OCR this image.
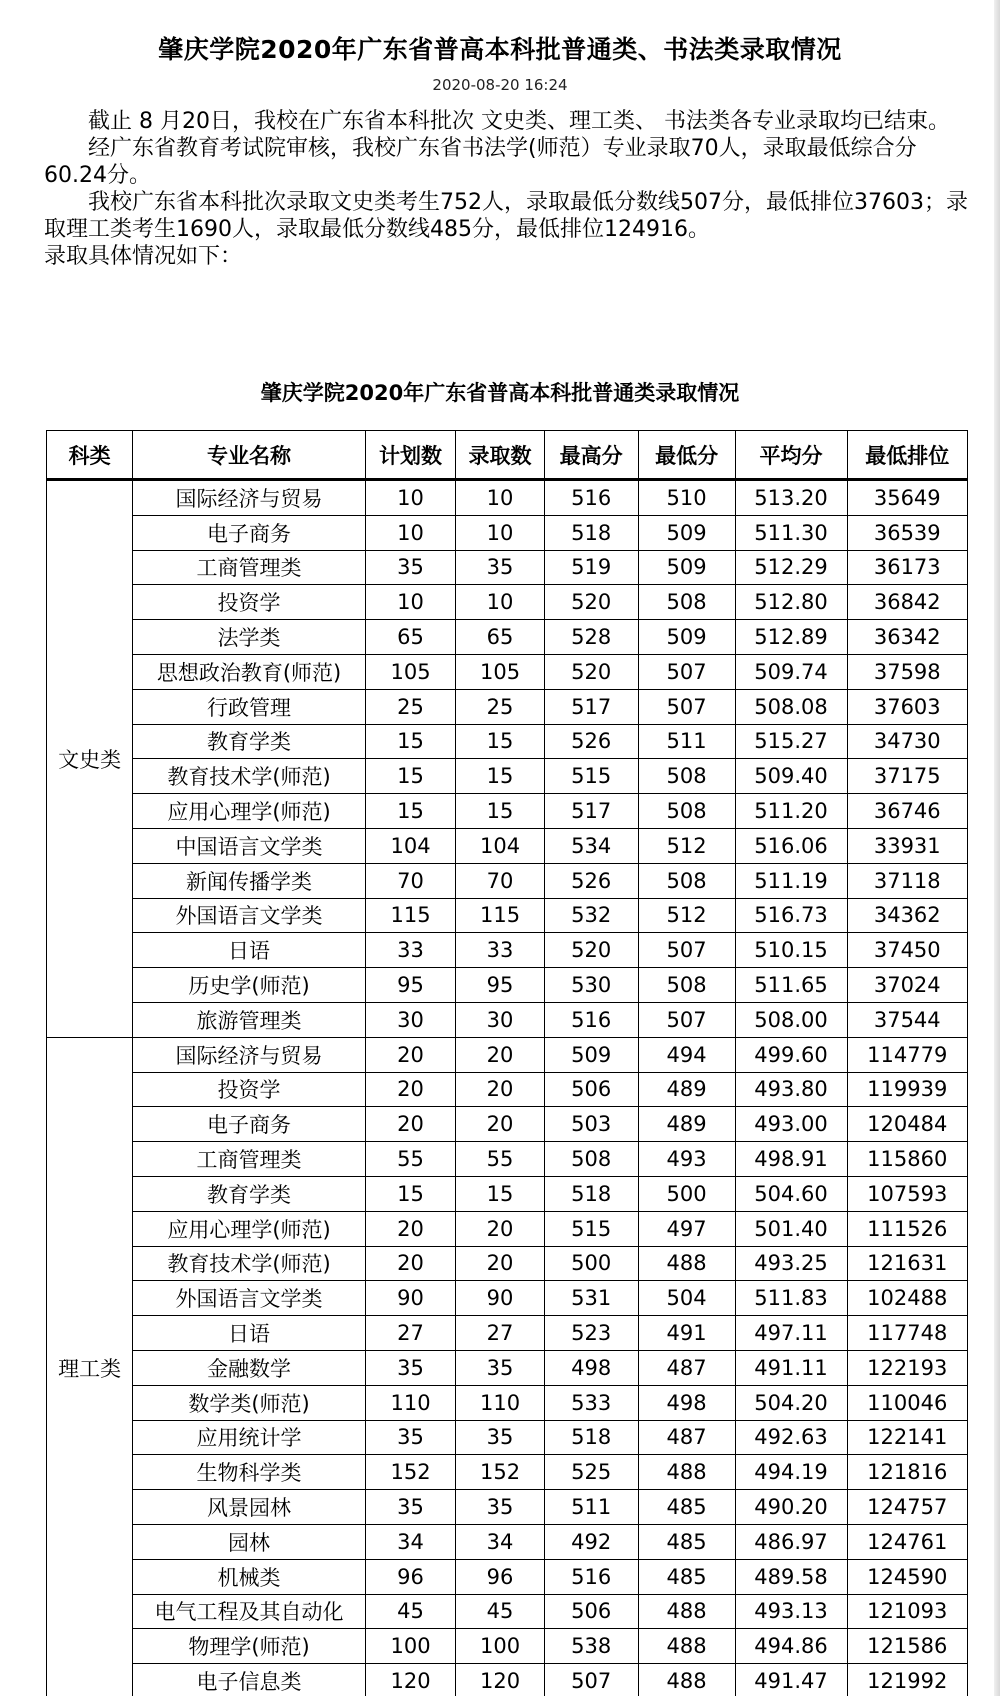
肇庆学院2020年广东省普高本科批普通类、书法类录取情况
2020-08-20 16:24

截止 8 月20日，我校在广东省本科批次 文史类、理工类、 书法类各专业录取均已结束。

经广东省教育考试院审核，我校广东省书法学(师范）专业录取70人，录取最低综合分60.24分。

我校广东省本科批次录取文史类考生752人，录取最低分数线507分，最低排位37603；录取理工类考生1690人，录取最低分数线485分，最低排位124916。

录取具体情况如下：

肇庆学院2020年广东省普高本科批普通类录取情况
科类	专业名称	计划数	录取数	最高分	最低分	平均分	最低排位
文史类	国际经济与贸易	10	10	516	510	513.20	35649
	电子商务	10	10	518	509	511.30	36539
	工商管理类	35	35	519	509	512.29	36173
	投资学	10	10	520	508	512.80	36842
	法学类	65	65	528	509	512.89	36342
	思想政治教育(师范)	105	105	520	507	509.74	37598
	行政管理	25	25	517	507	508.08	37603
	教育学类	15	15	526	511	515.27	34730
	教育技术学(师范)	15	15	515	508	509.40	37175
	应用心理学(师范)	15	15	517	508	511.20	36746
	中国语言文学类	104	104	534	512	516.06	33931
	新闻传播学类	70	70	526	508	511.19	37118
	外国语言文学类	115	115	532	512	516.73	34362
	日语	33	33	520	507	510.15	37450
	历史学(师范)	95	95	530	508	511.65	37024
	旅游管理类	30	30	516	507	508.00	37544
理工类	国际经济与贸易	20	20	509	494	499.60	114779
	投资学	20	20	506	489	493.80	119939
	电子商务	20	20	503	489	493.00	120484
	工商管理类	55	55	508	493	498.91	115860
	教育学类	15	15	518	500	504.60	107593
	应用心理学(师范)	20	20	515	497	501.40	111526
	教育技术学(师范)	20	20	500	488	493.25	121631
	外国语言文学类	90	90	531	504	511.83	102488
	日语	27	27	523	491	497.11	117748
	金融数学	35	35	498	487	491.11	122193
	数学类(师范)	110	110	533	498	504.20	110046
	应用统计学	35	35	518	487	492.63	122141
	生物科学类	152	152	525	488	494.19	121816
	风景园林	35	35	511	485	490.20	124757
	园林	34	34	492	485	486.97	124761
	机械类	96	96	516	485	489.58	124590
	电气工程及其自动化	45	45	506	488	493.13	121093
	物理学(师范)	100	100	538	488	494.86	121586
	电子信息类	120	120	507	488	491.47	121992
